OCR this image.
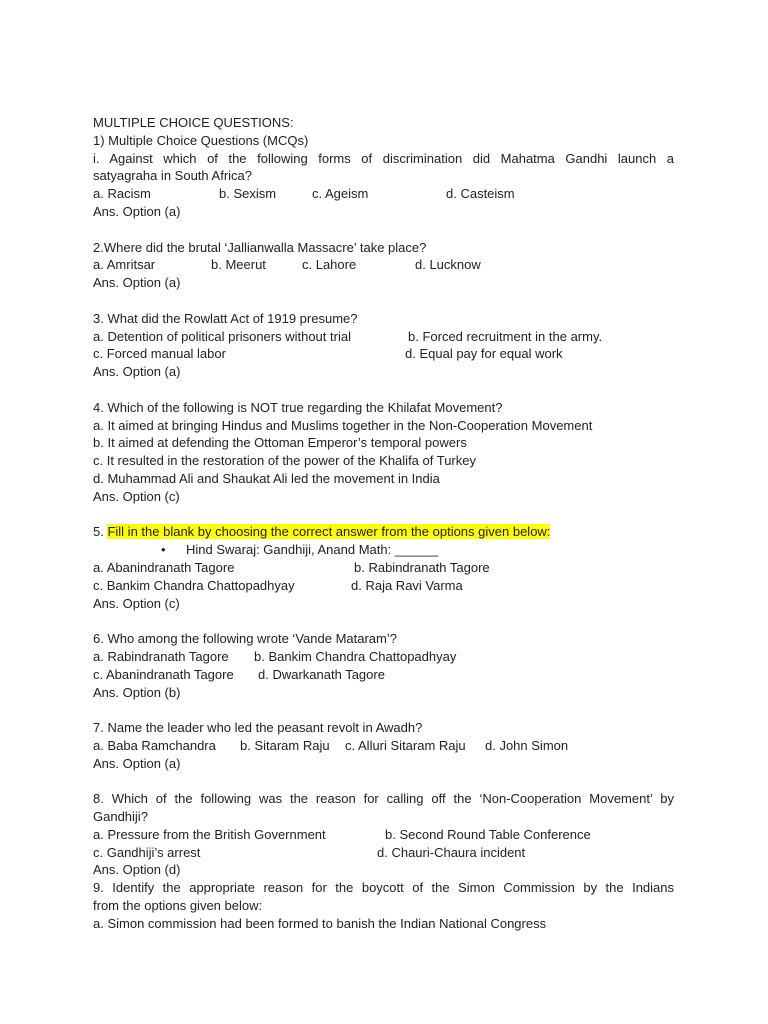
MULTIPLE CHOICE QUESTIONS:
1) Multiple Choice Questions (MCQs)
i. Against which of the following forms of discrimination did Mahatma Gandhi launch a
satyagraha in South Africa?
a. Racism	b. Sexism	c. Ageism	d. Casteism
Ans. Option (a)
2.Where did the brutal ‘Jallianwalla Massacre’ take place?
a. Amritsar	b. Meerut	c. Lahore	d. Lucknow
Ans. Option (a)
3. What did the Rowlatt Act of 1919 presume?
a. Detention of political prisoners without trial	b. Forced recruitment in the army.
c. Forced manual labor	d. Equal pay for equal work
Ans. Option (a)
4. Which of the following is NOT true regarding the Khilafat Movement?
a. It aimed at bringing Hindus and Muslims together in the Non-Cooperation Movement
b. It aimed at defending the Ottoman Emperor’s temporal powers
c. It resulted in the restoration of the power of the Khalifa of Turkey
d. Muhammad Ali and Shaukat Ali led the movement in India
Ans. Option (c)
5. Fill in the blank by choosing the correct answer from the options given below:
• Hind Swaraj: Gandhiji, Anand Math: ______
a. Abanindranath Tagore	b. Rabindranath Tagore
c. Bankim Chandra Chattopadhyay	d. Raja Ravi Varma
Ans. Option (c)
6. Who among the following wrote ‘Vande Mataram’?
a. Rabindranath Tagore b. Bankim Chandra Chattopadhyay
c. Abanindranath Tagore d. Dwarkanath Tagore
Ans. Option (b)
7. Name the leader who led the peasant revolt in Awadh?
a. Baba Ramchandra b. Sitaram Raju c. Alluri Sitaram Raju d. John Simon
Ans. Option (a)
8. Which of the following was the reason for calling off the ‘Non-Cooperation Movement’ by
Gandhiji?
a. Pressure from the British Government	b. Second Round Table Conference
c. Gandhiji’s arrest	d. Chauri-Chaura incident
Ans. Option (d)
9. Identify the appropriate reason for the boycott of the Simon Commission by the Indians
from the options given below:
a. Simon commission had been formed to banish the Indian National Congress
